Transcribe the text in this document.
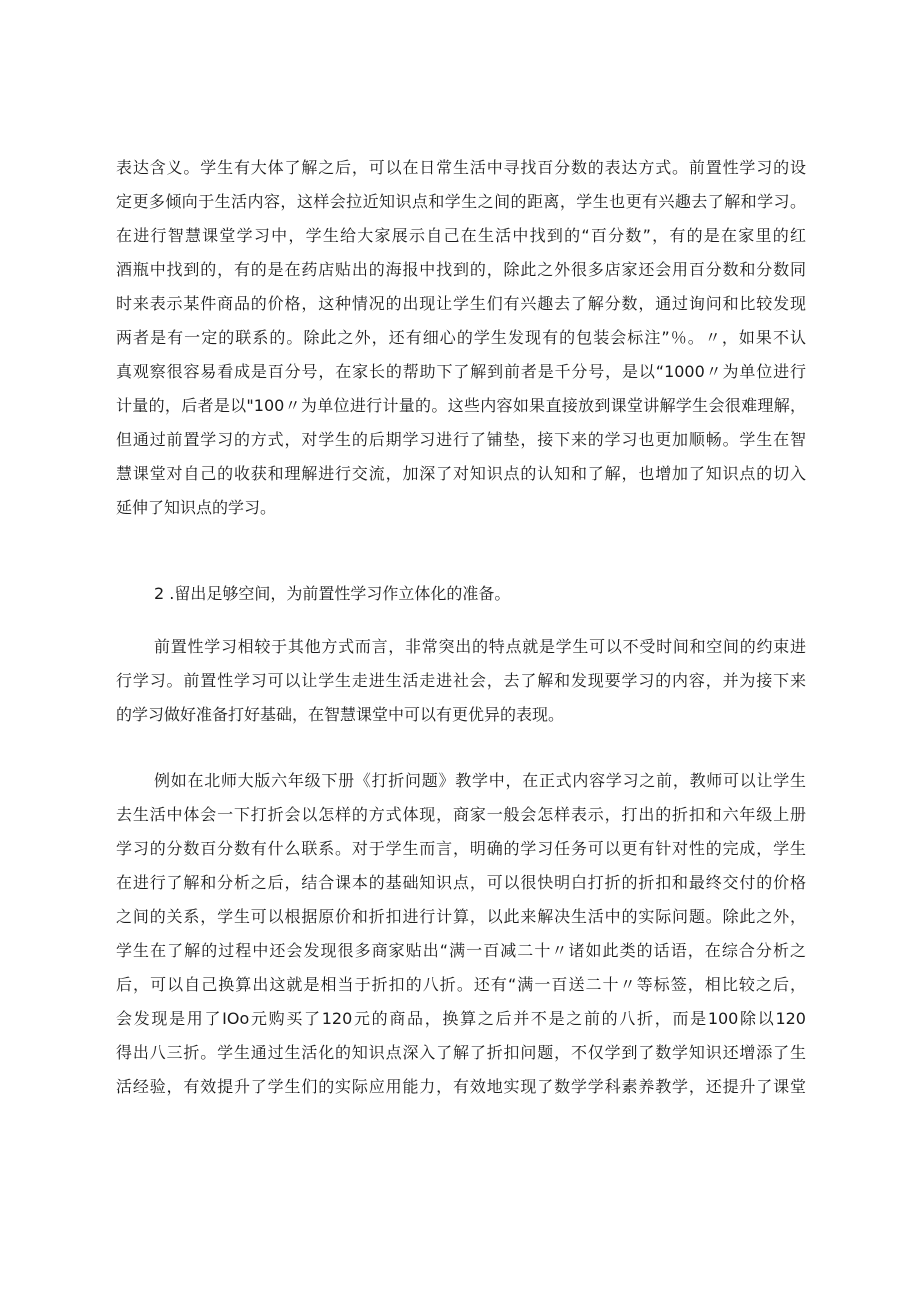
表达含义。学生有大体了解之后，可以在日常生活中寻找百分数的表达方式。前置性学习的设
定更多倾向于生活内容，这样会拉近知识点和学生之间的距离，学生也更有兴趣去了解和学习。
在进行智慧课堂学习中，学生给大家展示自己在生活中找到的“百分数”，有的是在家里的红
酒瓶中找到的，有的是在药店贴出的海报中找到的，除此之外很多店家还会用百分数和分数同
时来表示某件商品的价格，这种情况的出现让学生们有兴趣去了解分数，通过询问和比较发现
两者是有一定的联系的。除此之外，还有细心的学生发现有的包装会标注”％。〃，如果不认
真观察很容易看成是百分号，在家长的帮助下了解到前者是千分号，是以“1000〃为单位进行
计量的，后者是以"100〃为单位进行计量的。这些内容如果直接放到课堂讲解学生会很难理解，
但通过前置学习的方式，对学生的后期学习进行了铺垫，接下来的学习也更加顺畅。学生在智
慧课堂对自己的收获和理解进行交流，加深了对知识点的认知和了解，也增加了知识点的切入
延伸了知识点的学习。
2 .留出足够空间，为前置性学习作立体化的准备。
前置性学习相较于其他方式而言，非常突出的特点就是学生可以不受时间和空间的约束进
行学习。前置性学习可以让学生走进生活走进社会，去了解和发现要学习的内容，并为接下来
的学习做好准备打好基础，在智慧课堂中可以有更优异的表现。
例如在北师大版六年级下册《打折问题》教学中，在正式内容学习之前，教师可以让学生
去生活中体会一下打折会以怎样的方式体现，商家一般会怎样表示，打出的折扣和六年级上册
学习的分数百分数有什么联系。对于学生而言，明确的学习任务可以更有针对性的完成，学生
在进行了解和分析之后，结合课本的基础知识点，可以很快明白打折的折扣和最终交付的价格
之间的关系，学生可以根据原价和折扣进行计算，以此来解决生活中的实际问题。除此之外，
学生在了解的过程中还会发现很多商家贴出“满一百减二十〃诸如此类的话语，在综合分析之
后，可以自己换算出这就是相当于折扣的八折。还有“满一百送二十〃等标签，相比较之后，
会发现是用了IOo元购买了120元的商品，换算之后并不是之前的八折，而是100除以120
得出八三折。学生通过生活化的知识点深入了解了折扣问题，不仅学到了数学知识还增添了生
活经验，有效提升了学生们的实际应用能力，有效地实现了数学学科素养教学，还提升了课堂
